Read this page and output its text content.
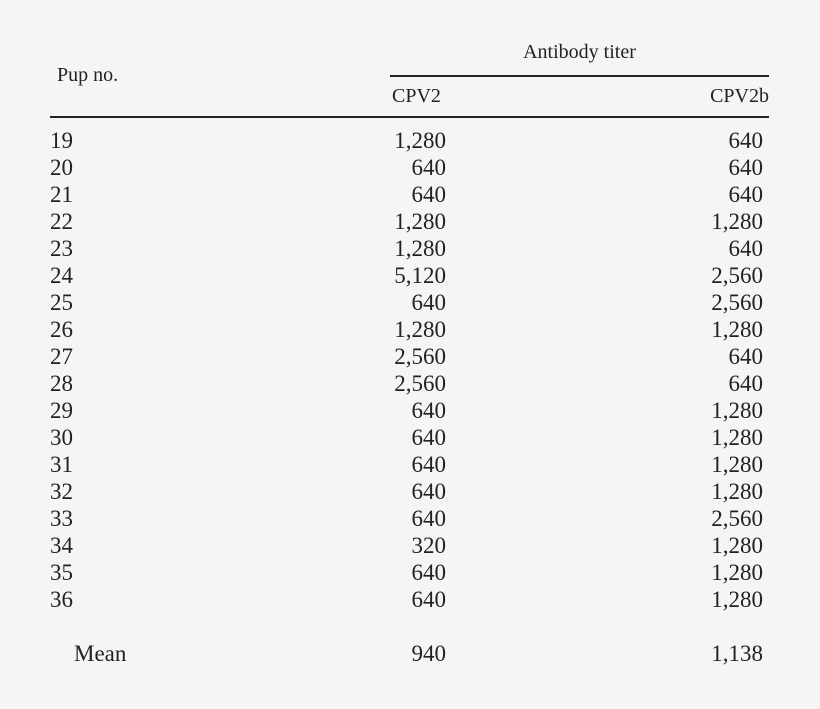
Antibody titer
Pup no.
CPV2	CPV2b
19	1,280	640
20	640	640
21	640	640
22	1,280	1,280
23	1,280	640
24	5,120	2,560
25	640	2,560
26	1,280	1,280
27	2,560	640
28	2,560	640
29	640	1,280
30	640	1,280
31	640	1,280
32	640	1,280
33	640	2,560
34	320	1,280
35	640	1,280
36	640	1,280
Mean	940	1,138
